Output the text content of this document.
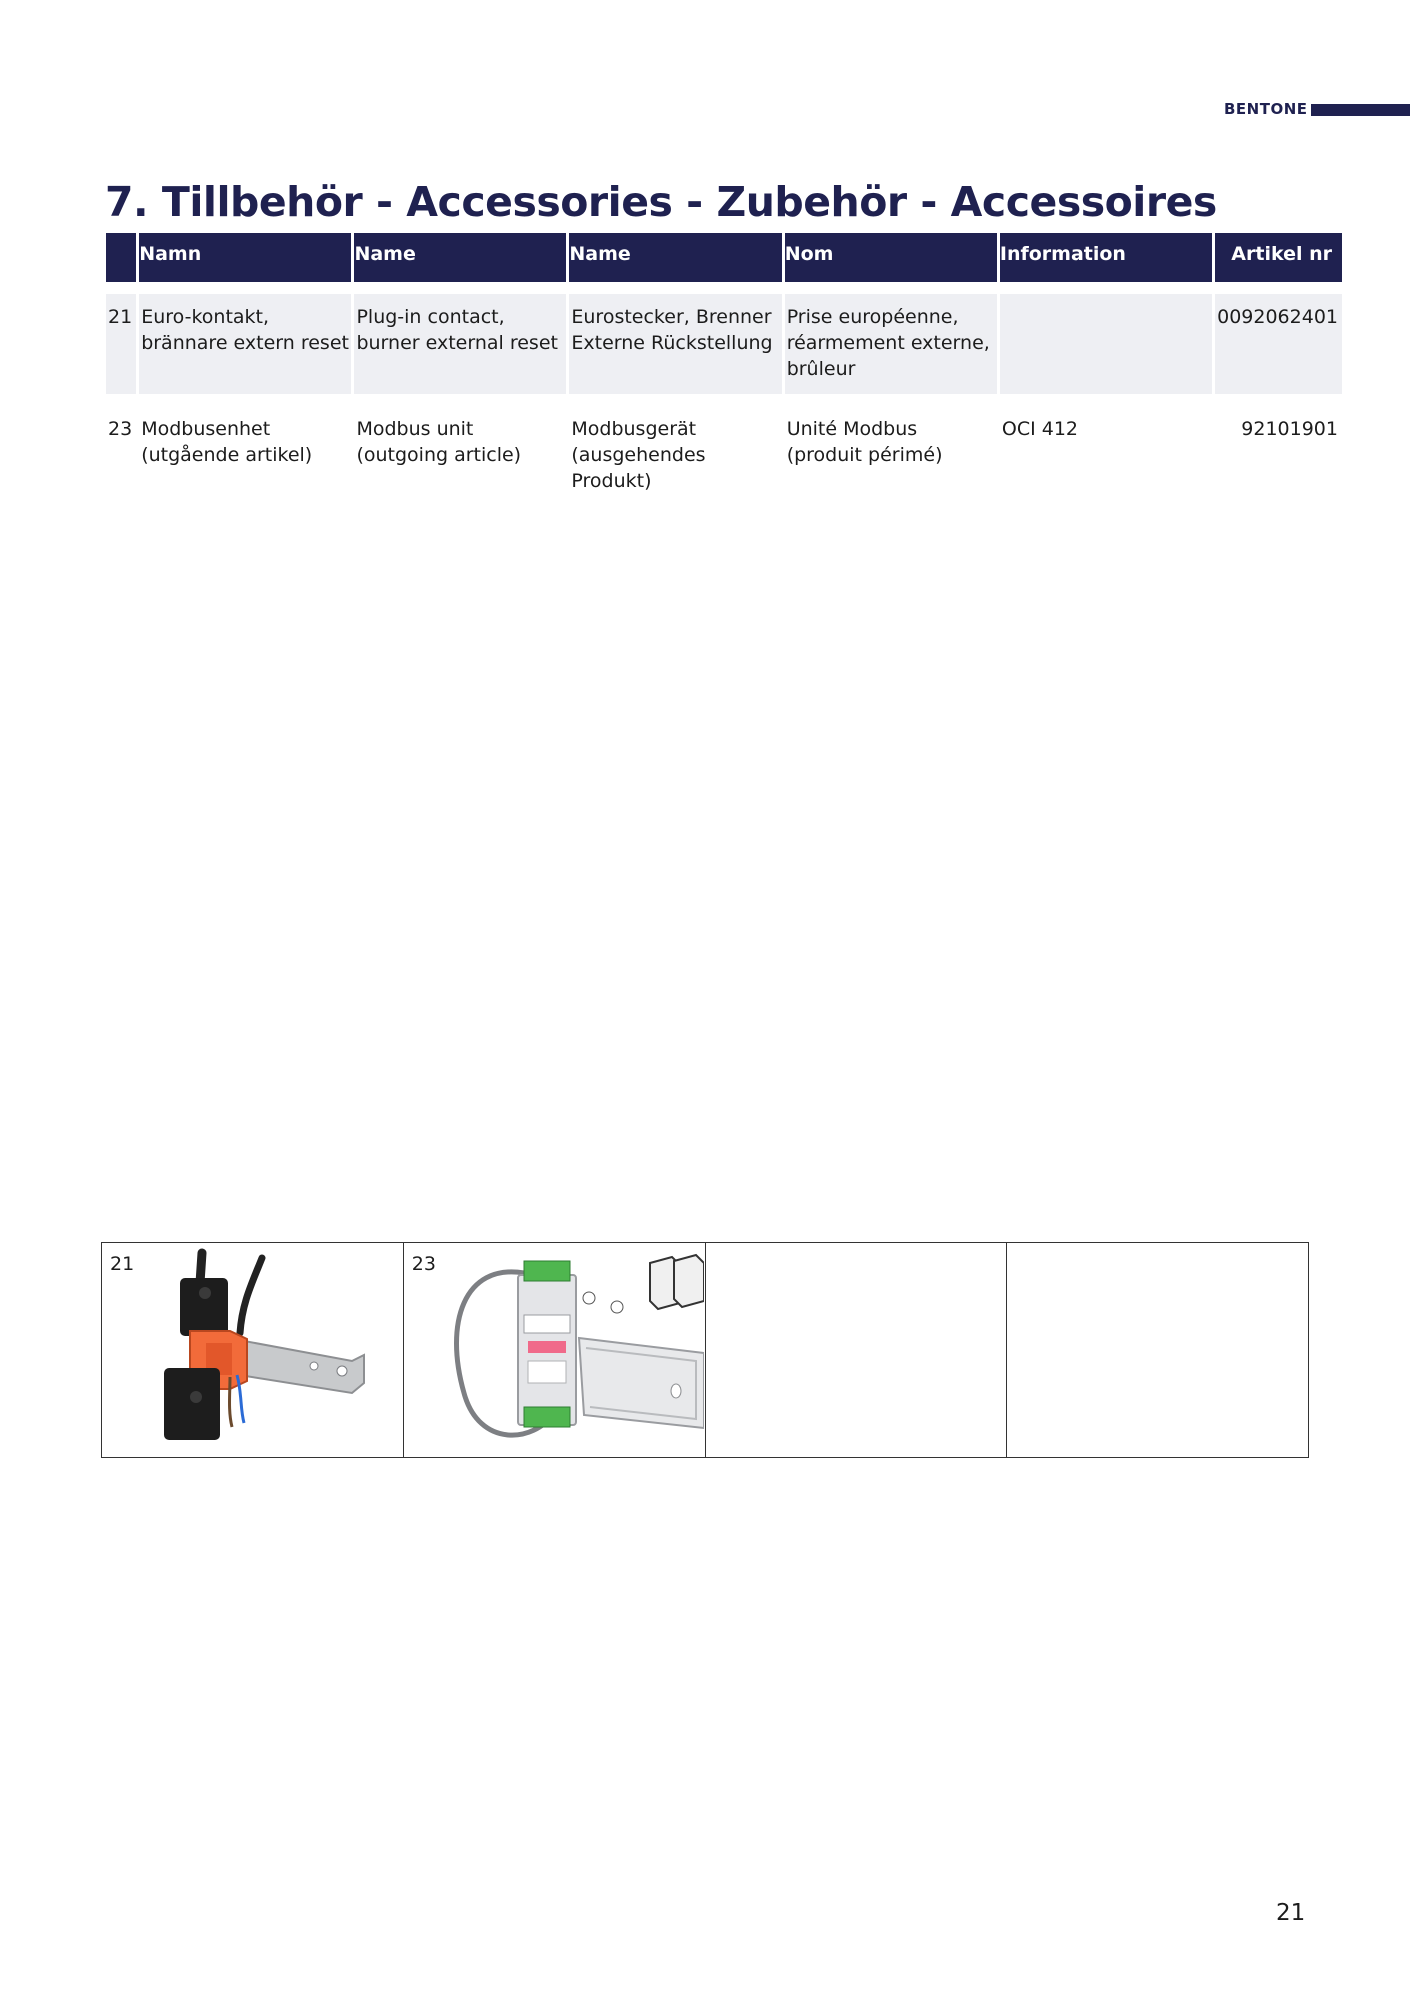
BENTONE
7. Tillbehör - Accessories - Zubehör - Accessoires
	Namn	Name	Name	Nom	Information	Artikel nr

21	Euro-kontakt, brännare extern reset	Plug-in contact, burner external reset	Eurostecker, Brenner Externe Rückstellung	Prise européenne, réarmement externe, brûleur		0092062401

23	Modbusenhet (utgående artikel)	Modbus unit (outgoing article)	Modbusgerät (ausgehendes Produkt)	Unité Modbus (produit périmé)	OCI 412	92101901
21	23
21
